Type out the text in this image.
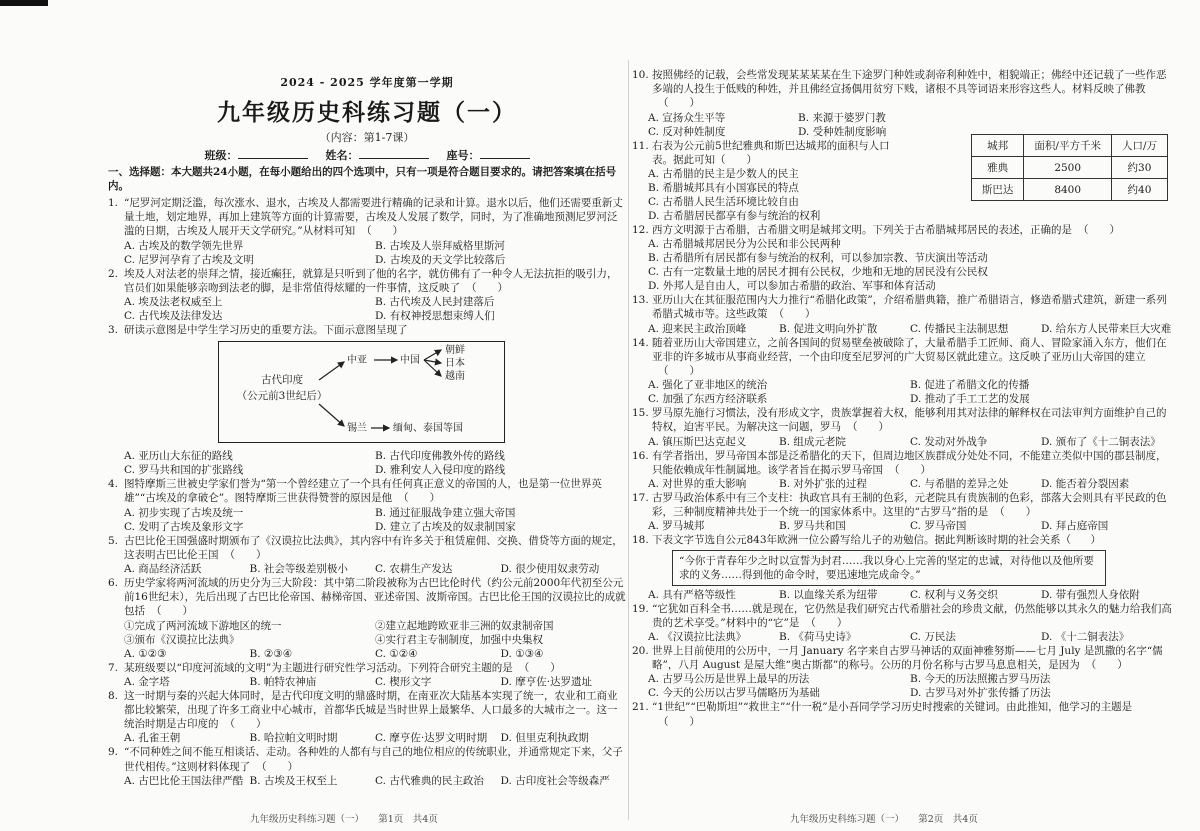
2024 - 2025 学年度第一学期
九年级历史科练习题（一）
（内容：第1-7课）
班级：	姓名：	座号：
一、选择题：本大题共24小题，在每小题给出的四个选项中，只有一项是符合题目要求的。请把答案填在括号内。
1. “尼罗河定期泛滥，每次涨水、退水，古埃及人都需要进行精确的记录和计算。退水以后，他们还需要重新丈量土地，划定地界，再加上建筑等方面的计算需要，古埃及人发展了数学，同时，为了准确地预测尼罗河泛滥的日期，古埃及人展开天文学研究。”从材料可知 （　　）
A. 古埃及的数学领先世界	B. 古埃及人崇拜威格里斯河
C. 尼罗河孕育了古埃及文明	D. 古埃及的天文学比较落后
2. 埃及人对法老的崇拜之情，接近癫狂，就算是只听到了他的名字，就仿佛有了一种令人无法抗拒的吸引力，官员们如果能够亲吻到法老的脚，是非常值得炫耀的一件事情，这反映了 （　　）
A. 埃及法老权威至上	B. 古代埃及人民封建落后
C. 古代埃及法律发达	D. 有权神授思想束缚人们
3. 研读示意图是中学生学习历史的重要方法。下面示意图呈现了
古代印度
（公元前3世纪后）
中亚	中国
朝鲜
日本
越南
锡兰	缅甸、泰国等国
A. 亚历山大东征的路线	B. 古代印度佛教外传的路线
C. 罗马共和国的扩张路线	D. 雅利安人入侵印度的路线
4. 图特摩斯三世被史学家们誉为“第一个曾经建立了一个具有任何真正意义的帝国的人，也是第一位世界英雄”“古埃及的拿破仑”。图特摩斯三世获得赞誉的原因是他 （　　）
A. 初步实现了古埃及统一	B. 通过征服战争建立强大帝国
C. 发明了古埃及象形文字	D. 建立了古埃及的奴隶制国家
5. 古巴比伦王国强盛时期颁布了《汉谟拉比法典》，其内容中有许多关于租赁雇佣、交换、借贷等方面的规定，这表明古巴比伦王国 （　　）
A. 商品经济活跃	B. 社会等级差别极小	C. 农耕生产发达	D. 很少使用奴隶劳动
6. 历史学家将两河流域的历史分为三大阶段：其中第二阶段被称为古巴比伦时代（约公元前2000年代初至公元前16世纪末），先后出现了古巴比伦帝国、赫梯帝国、亚述帝国、波斯帝国。古巴比伦王国的汉谟拉比的成就包括 （　　）
①完成了两河流域下游地区的统一	②建立起地跨欧亚非三洲的奴隶制帝国
③颁布《汉谟拉比法典》	④实行君主专制制度，加强中央集权
A. ①②③	B. ②③④	C. ①②④	D. ①③④
7. 某班级要以“印度河流域的文明”为主题进行研究性学习活动。下列符合研究主题的是 （　　）
A. 金字塔	B. 帕特农神庙	C. 楔形文字	D. 摩亨佐·达罗遗址
8. 这一时期与秦的兴起大体同时，是古代印度文明的鼎盛时期，在南亚次大陆基本实现了统一，农业和工商业都比较繁荣，出现了许多工商业中心城市，首都华氏城是当时世界上最繁华、人口最多的大城市之一。这一统治时期是古印度的 （　　）
A. 孔雀王朝	B. 哈拉帕文明时期	C. 摩亨佐·达罗文明时期	D. 但里克利执政期
9. “不同种姓之间不能互相谈话、走动。各种姓的人都有与自己的地位相应的传统职业，并通常规定下来，父子世代相传。”这则材料体现了 （　　）
A. 古巴比伦王国法律严酷 B. 古埃及王权至上	C. 古代雅典的民主政治	D. 古印度社会等级森严
10. 按照佛经的记载，会些常发现某某某某在生下途罗门种姓或刹帝利种姓中，相貌端正；佛经中还记载了一些作恶多端的人投生于低贱的种姓，并且佛经宣扬偶用贫穷下贱，诸根不具等词语来形容这些人。材料反映了佛教（　　）
A. 宣扬众生平等	B. 来源于婆罗门教
C. 反对种姓制度	D. 受种姓制度影响
城邦	面积/平方千米	人口/万
雅典	2500	约30
斯巴达	8400	约40
11. 右表为公元前5世纪雅典和斯巴达城邦的面积与人口表。据此可知（　　）
A. 古希腊的民主是少数人的民主
B. 希腊城邦具有小国寡民的特点
C. 古希腊人民生活环境比较自由
D. 古希腊居民都享有参与统治的权利
12. 西方文明源于古希腊，古希腊文明是城邦文明。下列关于古希腊城邦居民的表述，正确的是 （　　）
A. 古希腊城邦居民分为公民和非公民两种
B. 古希腊所有居民都有参与统治的权利，可以参加宗教、节庆演出等活动
C. 古有一定数量土地的居民才拥有公民权，少地和无地的居民没有公民权
D. 外邦人是自由人，可以参加古希腊的政治、军事和体育活动
13. 亚历山大在其征服范围内大力推行“希腊化政策”，介绍希腊典籍，推广希腊语言，修造希腊式建筑，新建一系列希腊式城市等。这些政策 （　　）
A. 迎来民主政治顶峰	B. 促进文明向外扩散	C. 传播民主法制思想	D. 给东方人民带来巨大灾难
14. 随着亚历山大帝国建立，之前各国间的贸易壁垒被破除了，大量希腊手工匠师、商人、冒险家涌入东方，他们在亚非的许多城市从事商业经营，一个由印度至尼罗河的广大贸易区就此建立。这反映了亚历山大帝国的建立（　　）
A. 强化了亚非地区的统治	B. 促进了希腊文化的传播
C. 加强了东西方经济联系	D. 推动了手工工艺的发展
15. 罗马原先施行习惯法，没有形成文字，贵族掌握着大权，能够利用其对法律的解释权在司法审判方面维护自己的特权，迫害平民。为解决这一问题，罗马 （　　）
A. 镇压斯巴达克起义	B. 组成元老院	C. 发动对外战争	D. 颁布了《十二铜表法》
16. 有学者指出，罗马帝国本部是泛希腊化的天下，但周边地区族群成分处处不同，不能建立类似中国的郡县制度，只能依赖成年性制属地。该学者旨在揭示罗马帝国 （　　）
A. 对世界的重大影响	B. 对外扩张的过程	C. 与希腊的差异之处	D. 能否着分裂因素
17. 古罗马政治体系中有三个支柱：执政官具有王制的色彩，元老院具有贵族制的色彩，部落大会则具有平民政的色彩，三种制度精神共处于一个统一的国家体系中。这里的“古罗马”指的是 （　　）
A. 罗马城邦	B. 罗马共和国	C. 罗马帝国	D. 拜占庭帝国
18. 下表文字节选自公元843年欧洲一位公爵写给儿子的劝勉信。据此判断该时期的社会关系（ ）
“今你于青春年少之时以宣誓为封君……我以身心上完善的坚定的忠诚，对待他以及他所要求的义务……得到他的命令时，要迅速地完成命令。”
A. 具有严格等级性	B. 以血缘关系为纽带	C. 权利与义务交织	D. 带有强烈人身依附
19. “它犹如百科全书……就是现在，它仍然是我们研究古代希腊社会的珍贵文献，仍然能够以其永久的魅力给我们高贵的艺术享受。”材料中的“它”是 （　　）
A. 《汉谟拉比法典》	B. 《荷马史诗》	C. 万民法	D. 《十二铜表法》
20. 世界上目前使用的公历中，一月 January 名字来自古罗马神话的双面神雅努斯——七月 July 是凯撒的名字“儒略”，八月 August 是屋大维“奥古斯都”的称号。公历的月份名称与古罗马息息相关，是因为 （　　）
A. 古罗马公历是世界上最早的历法	B. 今天的历法照搬古罗马历法
C. 今天的公历以古罗马儒略历为基础	D. 古罗马对外扩张传播了历法
21. “1世纪”“巴勒斯坦”“救世主”“什一税”是小吾同学学习历史时搜索的关键词。由此推知，他学习的主题是（　　）
九年级历史科练习题（一）　　第1页　共4页	九年级历史科练习题（一）　　第2页　共4页
